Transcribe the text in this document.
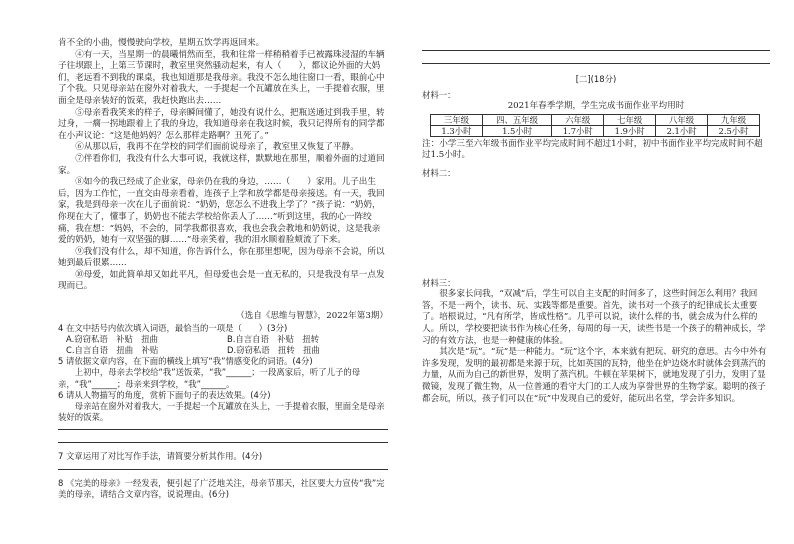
肯不全的小曲，慢慢驶向学校，星期五饮学再返回来。

④有一天，当星期一的晨曦悄然而至，我和往常一样稍稍着手已被露珠浸湿的车辆子往坝跟上，上第三节课时，教室里突然骚动起来，有人（　　），都议论外面的大妈们，老远看不到我的课桌，我也知道那是我母亲。我没不怎么地往窗口一看，眼前心中了个我。只见母亲站在窗外对着我大，一手提起一个瓦罐放在头上，一手提着衣服，里面全是母亲装好的饭菜，我赶快跑出去……

⑤母亲看我笑来的样子，母亲瞬间懂了，她没有说什么，把瓶送通过到我手里，转过身，一瘸一拐地跟着上了我的身边，我知道母亲在我这时候，我只记得所有的同学都在小声议论：“这是他妈妈？怎么那样走路啊？丑死了。”

⑥从那以后，我再不在学校的同学们面前说母亲了，教室里又恢复了平静。

⑦伴看你们，我没有什么大事可说，我就这样，默默地在那里，顺着外面的过道回家。

⑧如今的我已经成了企业家，母亲仍在我的身边，……（　　）家用。儿子出生后，因为工作忙，一直交由母亲看着，连孩子上学和放学都是母亲接送。有一天，我回家，我是到母亲一次在儿子面前说：“奶奶，您怎么不进我上学了？”孩子说：“奶奶，你现在大了，懂事了，奶奶也不能去学校给你丢人了……”听到这里，我的心一阵绞痛，我在想：“妈妈，不会的，同学我都很喜欢，我也会我会教地和奶奶说，这是我亲爱的奶奶，她有一双坚强的脚……”母亲笑着，我的泪水顺着脸颊流了下来。

⑨我们没有什么，却不知道，你告诉什么，你在那里想呢，因为母亲不会说，所以她到最后很累……

⑩母爱，如此简单却又如此平凡，但母爱也会是一直无私的，只是我没有早一点发现而已。

（选自《思维与智慧》，2022年第3期）

4 在文中括号内依次填入词语，最恰当的一项是（　　）(3分)

A.窃窃私语　补贴　扭曲	B.自言自语　补贴　扭转
C.自言自语　扭曲　补贴	D.窃窃私语　扭转　扭曲

5 请依据文章内容，在下面的横线上填写“我”情感变化的词语。(4分)

上初中，母亲去学校给“我”送饭菜，“我”______；一段离家后，听了儿子的母亲，“我”______；母亲来到学校，“我”______。

6 请从人物描写的角度，赏析下面句子的表达效果。(4分)

母亲站在窗外对着我大，一手提起一个瓦罐放在头上，一手提着衣服，里面全是母亲装好的饭菜。

7 文章运用了对比写作手法，请简要分析其作用。(4分)

8 《完美的母亲》一经发表，便引起了广泛地关注，母亲节那天，社区要大力宣传“我”完美的母亲，请结合文章内容，说说理由。(6分)

[二](18分)

材料一：

2021年春季学期，学生完成书面作业平均用时

三年级	四、五年级	六年级	七年级	八年级	九年级
1.3小时	1.5小时	1.7小时	1.9小时	2.1小时	2.5小时

注：小学三至六年级书面作业平均完成时间不超过1小时，初中书面作业平均完成时间不超过1.5小时。

材料二：

材料三：

很多家长问我，“双减”后，学生可以自主支配的时间多了，这些时间怎么利用？我回答，不是一两个，读书、玩、实践等都是重要。首先，读书对一个孩子的纪律成长太重要了。培根说过，“凡有所学，皆成性格”。几乎可以说，读什么样的书，就会成为什么样的人。所以，学校要把读书作为核心任务，每周的每一天，读些书是一个孩子的精神成长，学习的有效方法，也是一种健康的体验。

其次是“玩”。“玩”是一种能力。“玩”这个字，本来就有把玩、研究的意思。古今中外有许多发现，发明的最初都是来源于玩，比如英国的瓦特，他坐在炉边烧水时就体会到蒸汽的力量，从而为自己的新世界，发明了蒸汽机。牛顿在苹果树下，就地发现了引力，发明了显微镜，发现了微生物，从一位普通的看守大门的工人成为享誉世界的生物学家。聪明的孩子都会玩，所以，孩子们可以在“玩”中发现自己的爱好，能玩出名堂，学会许多知识。
